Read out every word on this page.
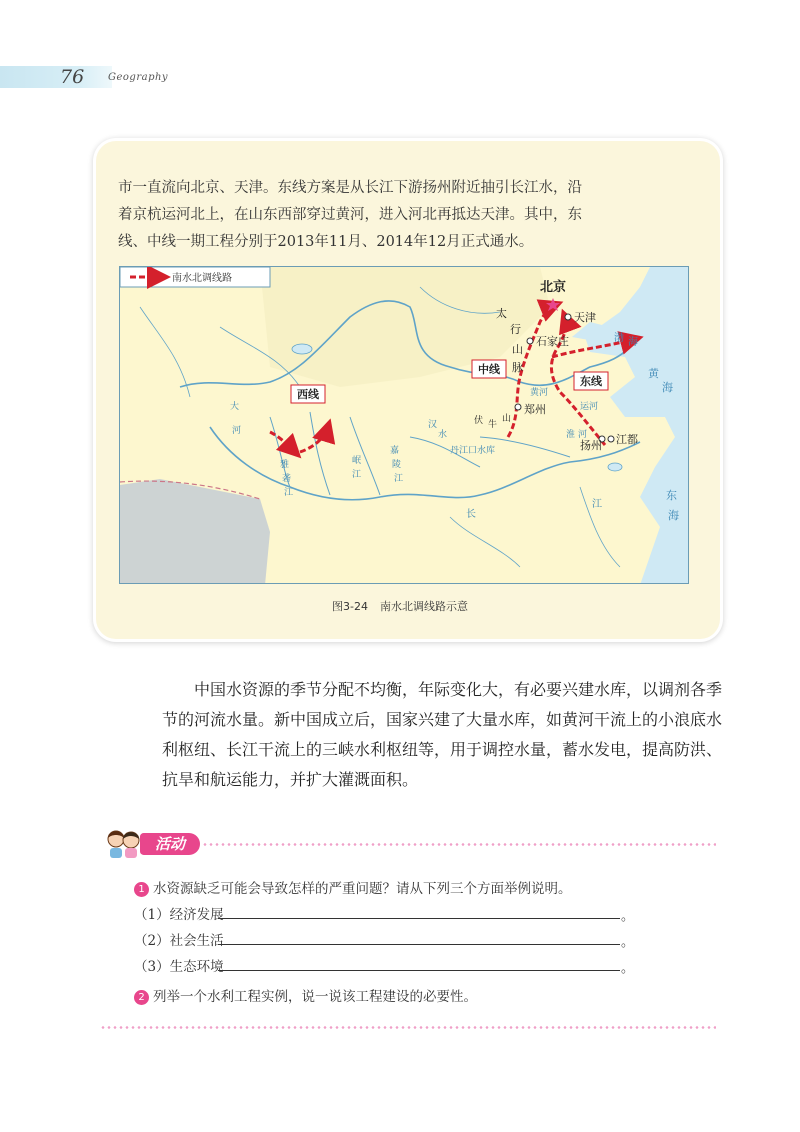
76 Geography

市一直流向北京、天津。东线方案是从长江下游扬州附近抽引长江水，沿

着京杭运河北上，在山东西部穿过黄河，进入河北再抵达天津。其中，东

线、中线一期工程分别于2013年11月、2014年12月正式通水。

南水北调线路
北京
天津
石家庄
郑州
扬州 江都
西线
中线
东线
太
行
山
脉
伏 牛
山
丹江口水库
黄河
长
江
雅
砻
江
大
河
岷
江
嘉
陵
江
淮 河
汉
水
运河
渤 海
黄
海
东
海
图3-24 南水北调线路示意

中国水资源的季节分配不均衡，年际变化大，有必要兴建水库，以调剂各季节的河流水量。新中国成立后，国家兴建了大量水库，如黄河干流上的小浪底水利枢纽、长江干流上的三峡水利枢纽等，用于调控水量，蓄水发电，提高防洪、抗旱和航运能力，并扩大灌溉面积。

活动
1 水资源缺乏可能会导致怎样的严重问题？请从下列三个方面举例说明。
（1）经济发展	。
（2）社会生活	。
（3）生态环境	。
2 列举一个水利工程实例，说一说该工程建设的必要性。
